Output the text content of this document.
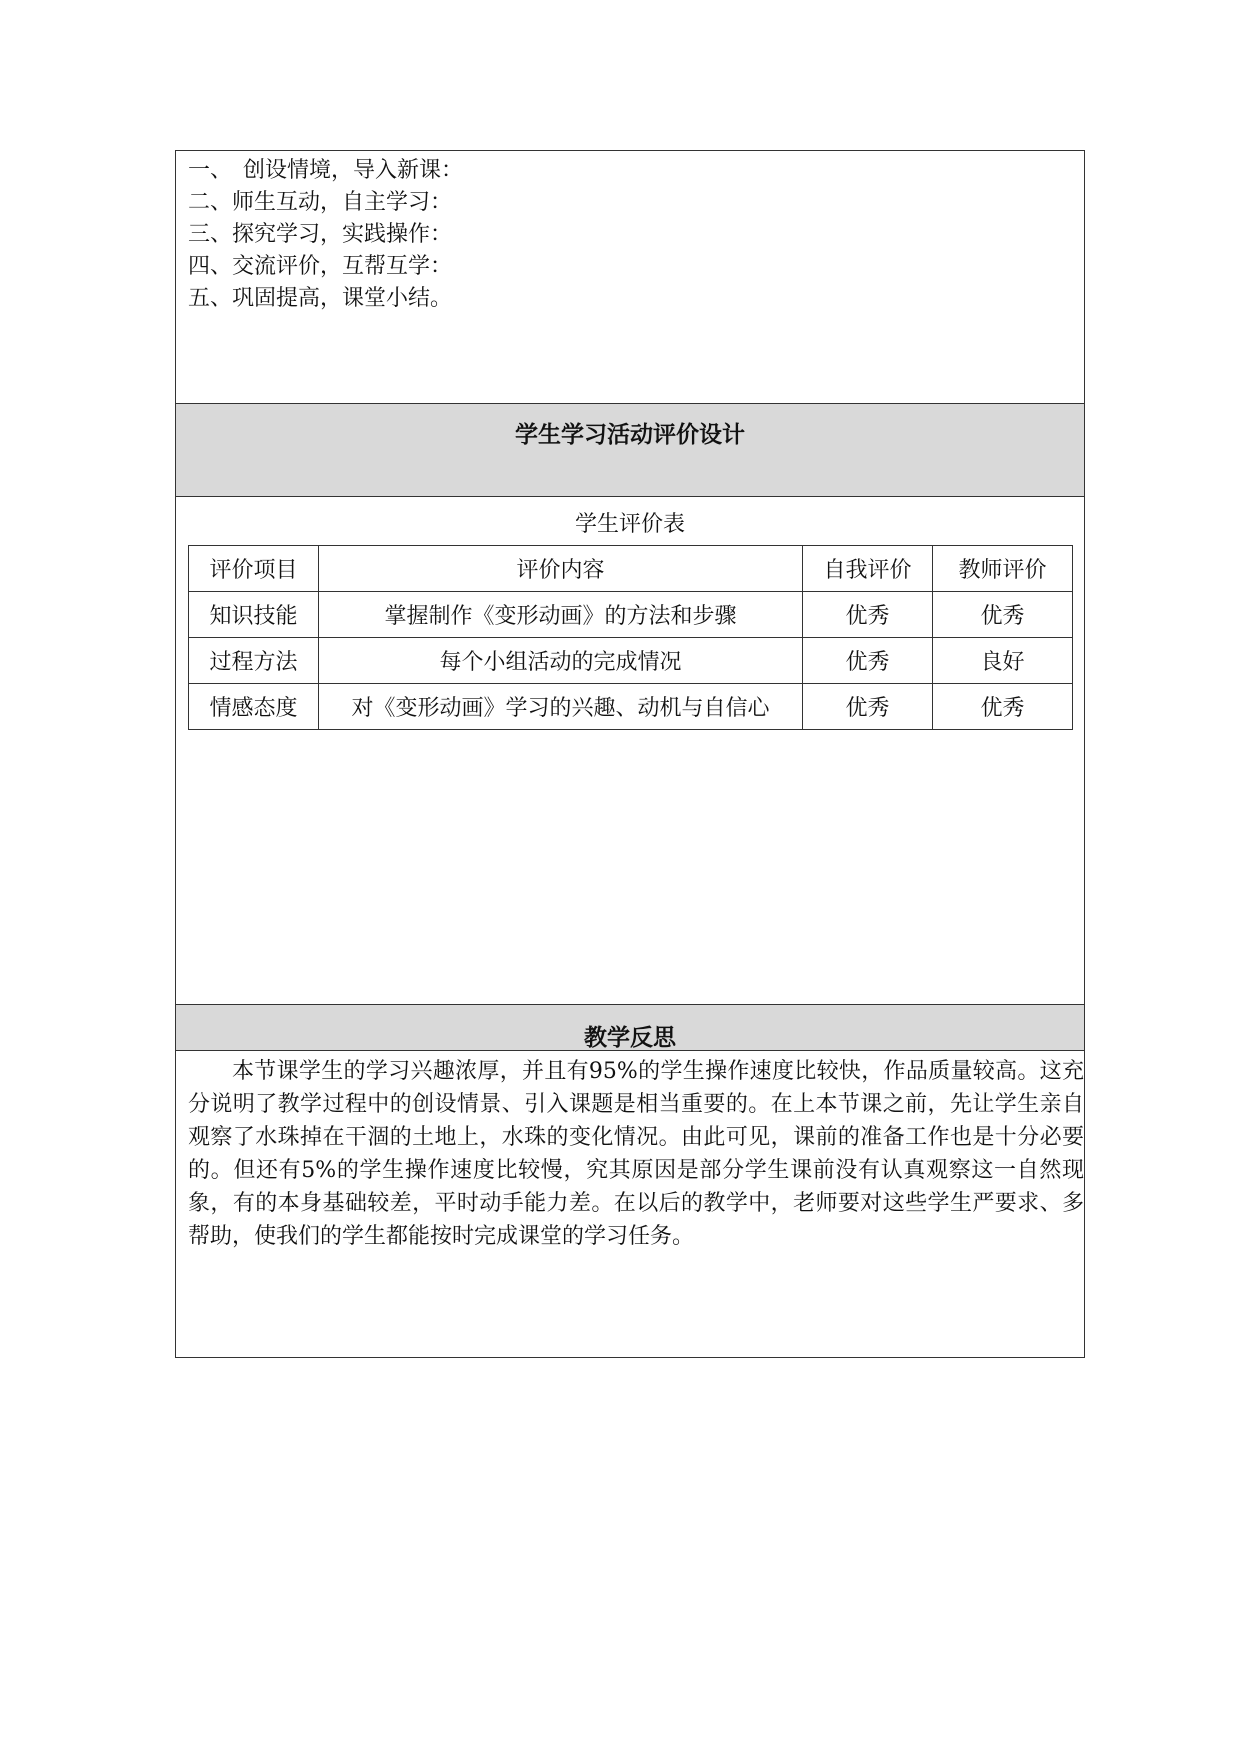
一、　创设情境，导入新课：
二、师生互动，自主学习：
三、探究学习，实践操作：
四、交流评价，互帮互学：
五、巩固提高，课堂小结。
学生学习活动评价设计
学生评价表
评价项目	评价内容	自我评价	教师评价
知识技能	掌握制作《变形动画》的方法和步骤	优秀	优秀
过程方法	每个小组活动的完成情况	优秀	良好
情感态度	对《变形动画》学习的兴趣、动机与自信心	优秀	优秀
教学反思

本节课学生的学习兴趣浓厚，并且有95%的学生操作速度比较快，作品质量较高。这充分说明了教学过程中的创设情景、引入课题是相当重要的。在上本节课之前，先让学生亲自观察了水珠掉在干涸的土地上，水珠的变化情况。由此可见，课前的准备工作也是十分必要的。但还有5%的学生操作速度比较慢，究其原因是部分学生课前没有认真观察这一自然现象，有的本身基础较差，平时动手能力差。在以后的教学中，老师要对这些学生严要求、多帮助，使我们的学生都能按时完成课堂的学习任务。
